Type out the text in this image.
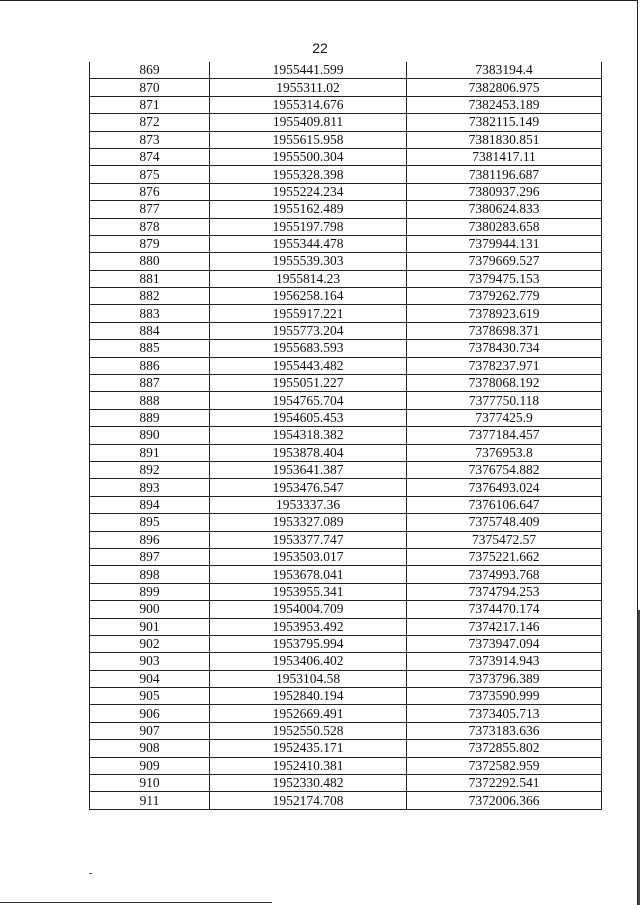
22
869	1955441.599	7383194.4
870	1955311.02	7382806.975
871	1955314.676	7382453.189
872	1955409.811	7382115.149
873	1955615.958	7381830.851
874	1955500.304	7381417.11
875	1955328.398	7381196.687
876	1955224.234	7380937.296
877	1955162.489	7380624.833
878	1955197.798	7380283.658
879	1955344.478	7379944.131
880	1955539.303	7379669.527
881	1955814.23	7379475.153
882	1956258.164	7379262.779
883	1955917.221	7378923.619
884	1955773.204	7378698.371
885	1955683.593	7378430.734
886	1955443.482	7378237.971
887	1955051.227	7378068.192
888	1954765.704	7377750.118
889	1954605.453	7377425.9
890	1954318.382	7377184.457
891	1953878.404	7376953.8
892	1953641.387	7376754.882
893	1953476.547	7376493.024
894	1953337.36	7376106.647
895	1953327.089	7375748.409
896	1953377.747	7375472.57
897	1953503.017	7375221.662
898	1953678.041	7374993.768
899	1953955.341	7374794.253
900	1954004.709	7374470.174
901	1953953.492	7374217.146
902	1953795.994	7373947.094
903	1953406.402	7373914.943
904	1953104.58	7373796.389
905	1952840.194	7373590.999
906	1952669.491	7373405.713
907	1952550.528	7373183.636
908	1952435.171	7372855.802
909	1952410.381	7372582.959
910	1952330.482	7372292.541
911	1952174.708	7372006.366
-
